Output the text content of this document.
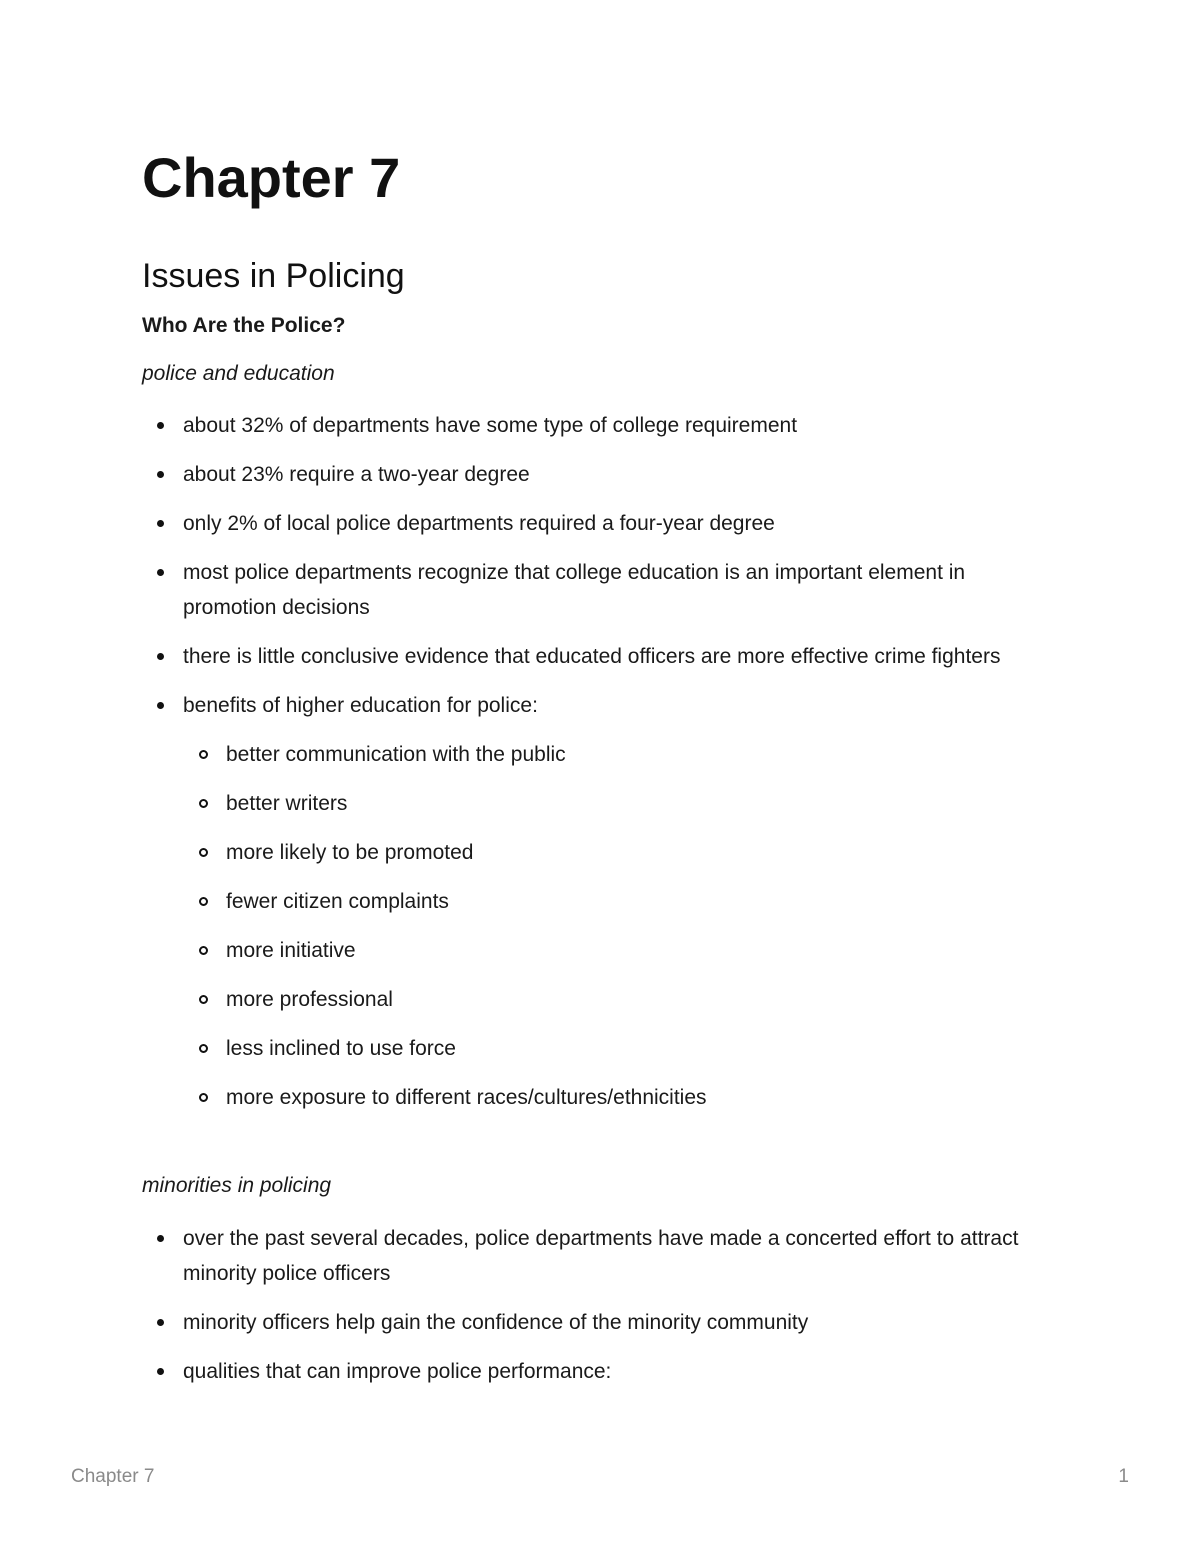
Chapter 7
Issues in Policing
Who Are the Police?

police and education

about 32% of departments have some type of college requirement
about 23% require a two-year degree
only 2% of local police departments required a four-year degree
most police departments recognize that college education is an important element in promotion decisions
there is little conclusive evidence that educated officers are more effective crime fighters
benefits of higher education for police:
better communication with the public
better writers
more likely to be promoted
fewer citizen complaints
more initiative
more professional
less inclined to use force
more exposure to different races/cultures/ethnicities

minorities in policing

over the past several decades, police departments have made a concerted effort to attract minority police officers
minority officers help gain the confidence of the minority community
qualities that can improve police performance:
Chapter 7	1
